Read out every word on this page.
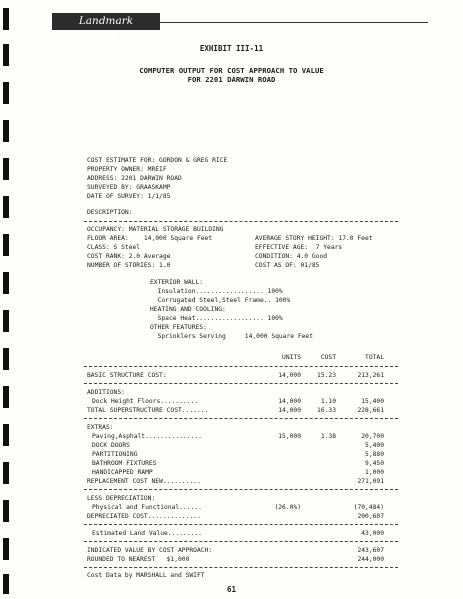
Landmark Research, Inc.
EXHIBIT III-11
COMPUTER OUTPUT FOR COST APPROACH TO VALUE
FOR 2201 DARWIN ROAD
COST ESTIMATE FOR: GORDON & GREG RICE
PROPERTY OWNER: MREIF
ADDRESS: 2201 DARWIN ROAD
SURVEYED BY: GRAASKAMP
DATE OF SURVEY: 1/1/85
DESCRIPTION:
OCCUPANCY: MATERIAL STORAGE BUILDING
FLOOR AREA:    14,000 Square Feet
CLASS: S Steel
COST RANK: 2.0 Average
NUMBER OF STORIES: 1.0
AVERAGE STORY HEIGHT: 17.0 Feet
EFFECTIVE AGE:  7 Years
CONDITION: 4.0 Good
COST AS OF: 01/85
EXTERIOR WALL:
Insulation.................. 100%
Corrugated Steel,Steel Frame.. 100%
HEATING AND COOLING:
Space Heat.................. 100%
OTHER FEATURES:
Sprinklers Serving     14,000 Square Feet
UNITS	COST	TOTAL
BASIC STRUCTURE COST:	14,000	15.23	213,261
ADDITIONS:
Dock Height Floors..........	14,000	1.10	15,400
TOTAL SUPERSTRUCTURE COST.......	14,000	16.33	228,661
EXTRAS:
Paving,Asphalt...............	15,000	1.38	20,700
DOCK DOORS	5,400
PARTITIONING	5,880
BATHROOM FIXTURES	9,450
HANDICAPPED RAMP	1,000
REPLACEMENT COST NEW..........	271,091
LESS DEPRECIATION:
Physical and Functional......	(26.0%)	(70,484)
DEPRECIATED COST..............	200,607
Estimated Land Value.........	43,000
INDICATED VALUE BY COST APPROACH:	243,607
ROUNDED TO NEAREST   $1,000	244,000
Cost Data by MARSHALL and SWIFT
61
